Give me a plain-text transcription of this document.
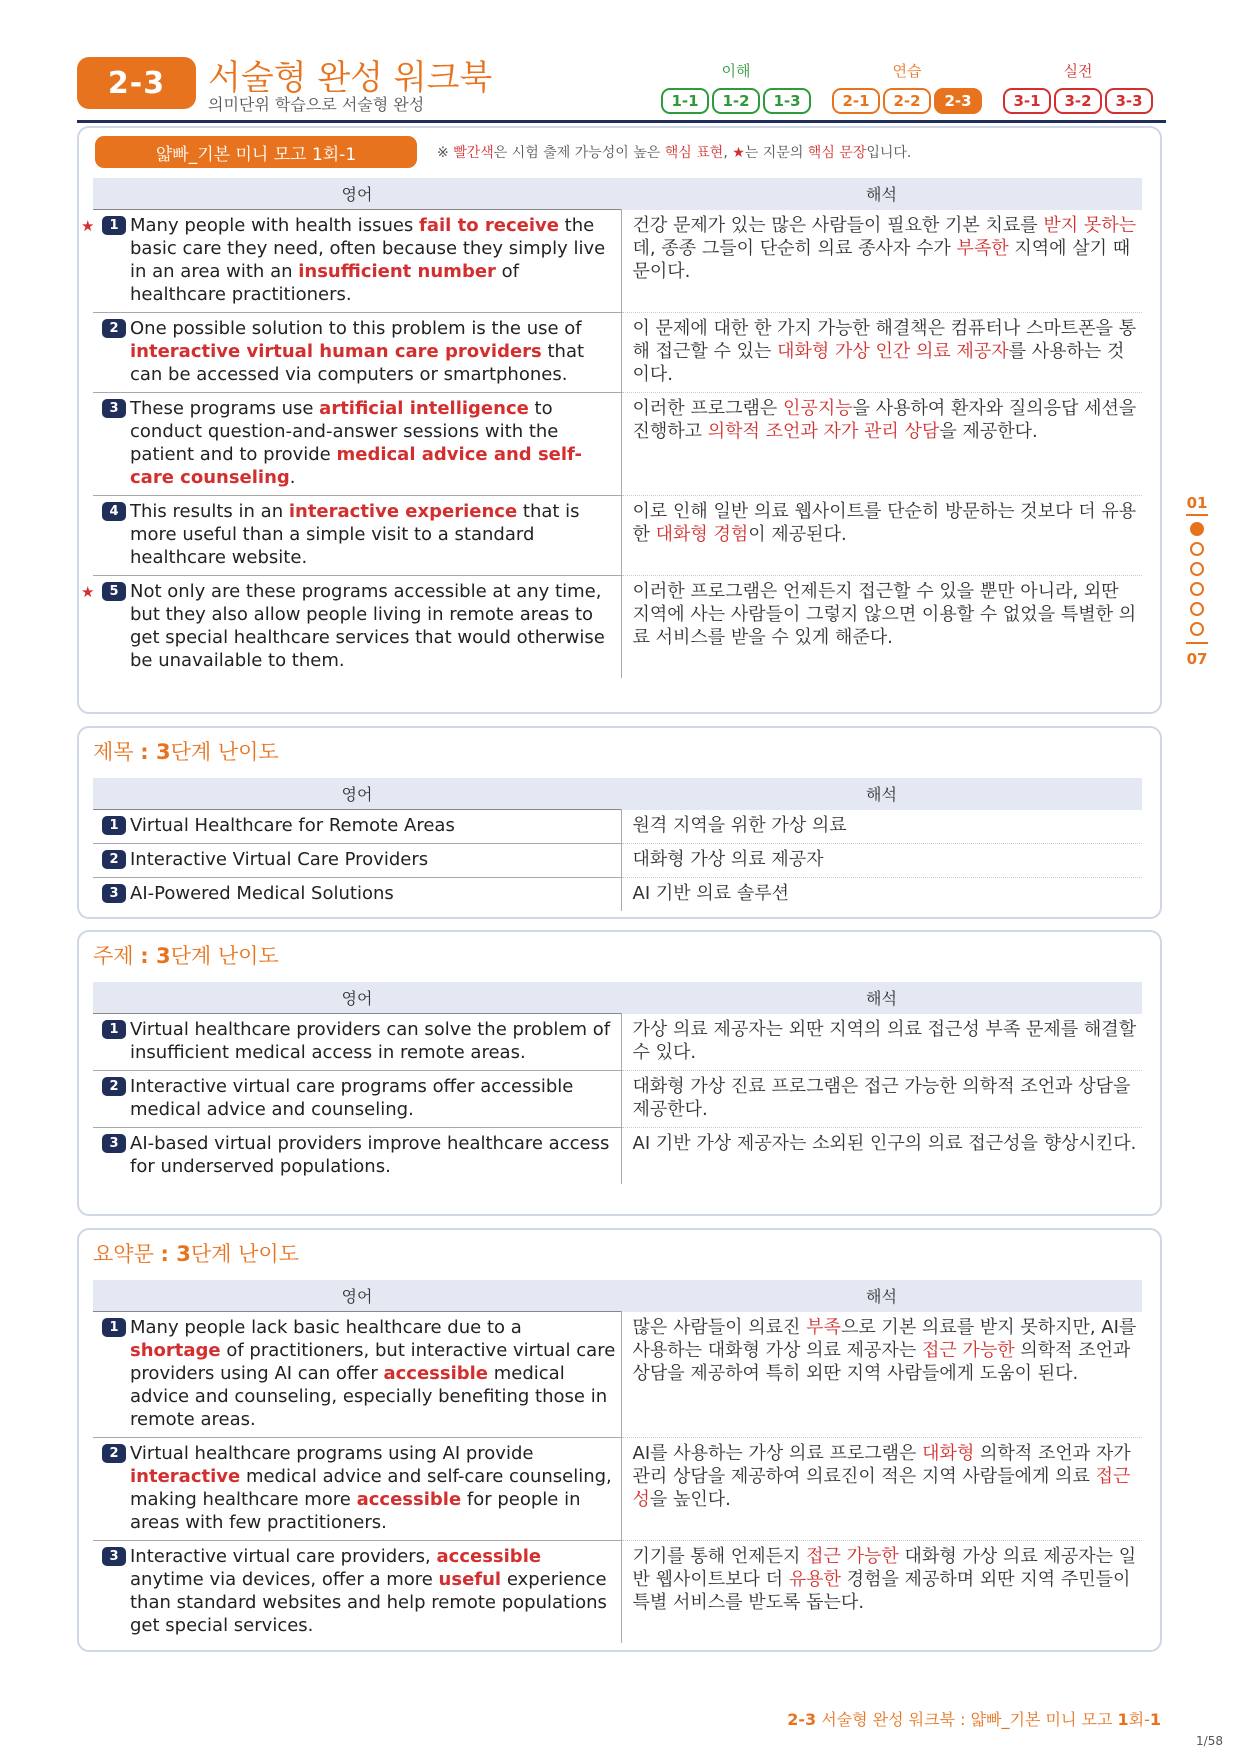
2-3	서술형 완성 워크북
의미단위 학습으로 서술형 완성
이해
1-1	1-2	1-3
연습
2-1	2-2	2-3
실전
3-1	3-2	3-3
얇빠_기본 미니 모고 1회-1	※ 빨간색은 시험 출제 가능성이 높은 핵심 표현, ★는 지문의 핵심 문장입니다.
영어	해석

★ 1 Many people with health issues fail to receive the basic care they need, often because they simply live in an area with an insufficient number of healthcare practitioners.	건강 문제가 있는 많은 사람들이 필요한 기본 치료를 받지 못하는데, 종종 그들이 단순히 의료 종사자 수가 부족한 지역에 살기 때문이다.

2 One possible solution to this problem is the use of interactive virtual human care providers that can be accessed via computers or smartphones.	이 문제에 대한 한 가지 가능한 해결책은 컴퓨터나 스마트폰을 통해 접근할 수 있는 대화형 가상 인간 의료 제공자를 사용하는 것이다.

3 These programs use artificial intelligence to conduct question-and-answer sessions with the patient and to provide medical advice and self-care counseling.	이러한 프로그램은 인공지능을 사용하여 환자와 질의응답 세션을 진행하고 의학적 조언과 자가 관리 상담을 제공한다.

4 This results in an interactive experience that is more useful than a simple visit to a standard healthcare website.	이로 인해 일반 의료 웹사이트를 단순히 방문하는 것보다 더 유용한 대화형 경험이 제공된다.

★ 5 Not only are these programs accessible at any time, but they also allow people living in remote areas to get special healthcare services that would otherwise be unavailable to them.	이러한 프로그램은 언제든지 접근할 수 있을 뿐만 아니라, 외딴 지역에 사는 사람들이 그렇지 않으면 이용할 수 없었을 특별한 의료 서비스를 받을 수 있게 해준다.
제목 : 3단계 난이도
영어	해석

1 Virtual Healthcare for Remote Areas	원격 지역을 위한 가상 의료

2 Interactive Virtual Care Providers	대화형 가상 의료 제공자

3 AI-Powered Medical Solutions	AI 기반 의료 솔루션
주제 : 3단계 난이도
영어	해석

1 Virtual healthcare providers can solve the problem of insufficient medical access in remote areas.	가상 의료 제공자는 외딴 지역의 의료 접근성 부족 문제를 해결할 수 있다.

2 Interactive virtual care programs offer accessible medical advice and counseling.	대화형 가상 진료 프로그램은 접근 가능한 의학적 조언과 상담을 제공한다.

3 AI-based virtual providers improve healthcare access for underserved populations.	AI 기반 가상 제공자는 소외된 인구의 의료 접근성을 향상시킨다.
요약문 : 3단계 난이도
영어	해석

1 Many people lack basic healthcare due to a shortage of practitioners, but interactive virtual care providers using AI can offer accessible medical advice and counseling, especially benefiting those in remote areas.	많은 사람들이 의료진 부족으로 기본 의료를 받지 못하지만, AI를 사용하는 대화형 가상 의료 제공자는 접근 가능한 의학적 조언과 상담을 제공하여 특히 외딴 지역 사람들에게 도움이 된다.

2 Virtual healthcare programs using AI provide interactive medical advice and self-care counseling, making healthcare more accessible for people in areas with few practitioners.	AI를 사용하는 가상 의료 프로그램은 대화형 의학적 조언과 자가 관리 상담을 제공하여 의료진이 적은 지역 사람들에게 의료 접근성을 높인다.

3 Interactive virtual care providers, accessible anytime via devices, offer a more useful experience than standard websites and help remote populations get special services.	기기를 통해 언제든지 접근 가능한 대화형 가상 의료 제공자는 일반 웹사이트보다 더 유용한 경험을 제공하며 외딴 지역 주민들이 특별 서비스를 받도록 돕는다.
01
07
2-3 서술형 완성 워크북 : 얇빠_기본 미니 모고 1회-1
1/58
